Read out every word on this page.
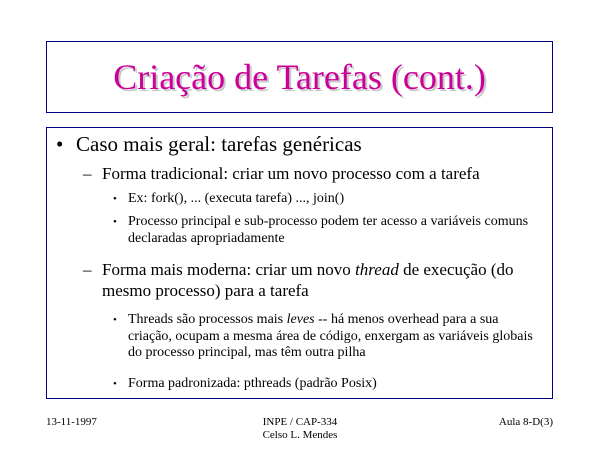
Criação de Tarefas (cont.)
• Caso mais geral: tarefas genéricas
– Forma tradicional: criar um novo processo com a tarefa
• Ex: fork(), ... (executa tarefa) ..., join()
• Processo principal e sub-processo podem ter acesso a variáveis comuns declaradas apropriadamente
– Forma mais moderna: criar um novo thread de execução (do mesmo processo) para a tarefa
• Threads são processos mais leves -- há menos overhead para a sua criação, ocupam a mesma área de código, enxergam as variáveis globais do processo principal, mas têm outra pilha
• Forma padronizada: pthreads (padrão Posix)
13-11-1997	INPE / CAP-334
Celso L. Mendes
Aula 8-D(3)
